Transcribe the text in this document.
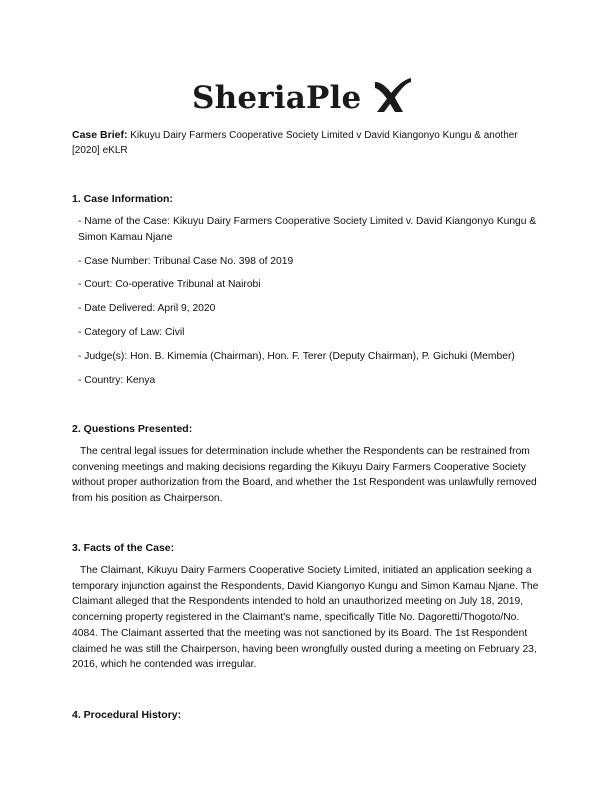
SheriaPle
Case Brief: Kikuyu Dairy Farmers Cooperative Society Limited v David Kiangonyo Kungu & another [2020] eKLR
1. Case Information:
- Name of the Case: Kikuyu Dairy Farmers Cooperative Society Limited v. David Kiangonyo Kungu & Simon Kamau Njane
- Case Number: Tribunal Case No. 398 of 2019
- Court: Co-operative Tribunal at Nairobi
- Date Delivered: April 9, 2020
- Category of Law: Civil
- Judge(s): Hon. B. Kimemia (Chairman), Hon. F. Terer (Deputy Chairman), P. Gichuki (Member)
- Country: Kenya
2. Questions Presented:
The central legal issues for determination include whether the Respondents can be restrained from convening meetings and making decisions regarding the Kikuyu Dairy Farmers Cooperative Society without proper authorization from the Board, and whether the 1st Respondent was unlawfully removed from his position as Chairperson.
3. Facts of the Case:
The Claimant, Kikuyu Dairy Farmers Cooperative Society Limited, initiated an application seeking a temporary injunction against the Respondents, David Kiangonyo Kungu and Simon Kamau Njane. The Claimant alleged that the Respondents intended to hold an unauthorized meeting on July 18, 2019, concerning property registered in the Claimant's name, specifically Title No. Dagoretti/Thogoto/No. 4084. The Claimant asserted that the meeting was not sanctioned by its Board. The 1st Respondent claimed he was still the Chairperson, having been wrongfully ousted during a meeting on February 23, 2016, which he contended was irregular.
4. Procedural History:
